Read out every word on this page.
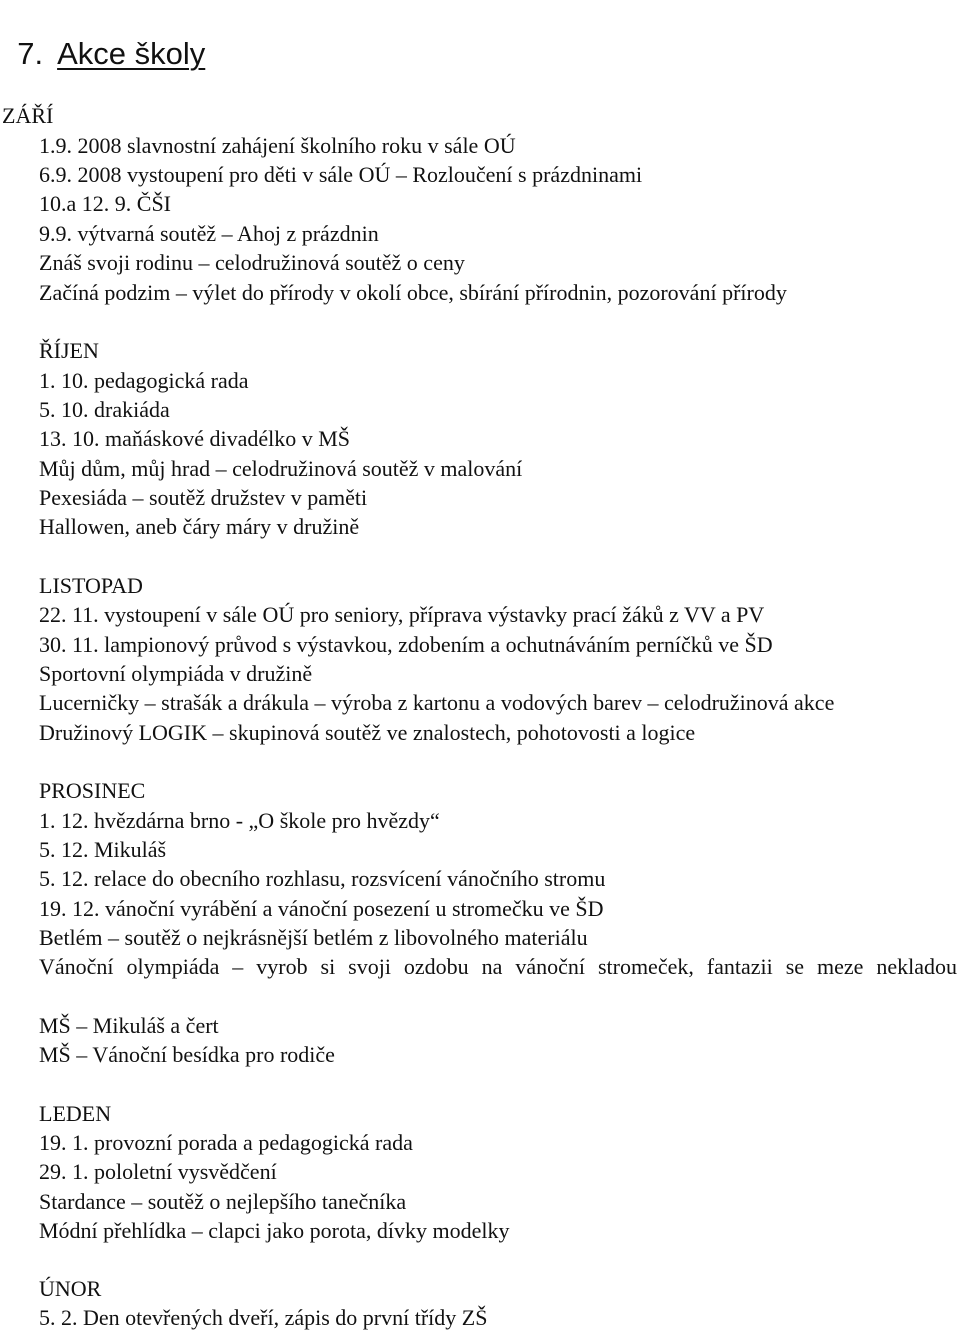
7. Akce školy

ZÁŘÍ
1.9. 2008 slavnostní zahájení školního roku v sále OÚ
6.9. 2008 vystoupení pro děti v sále OÚ – Rozloučení s prázdninami
10.a 12. 9. ČŠI
9.9. výtvarná soutěž – Ahoj z prázdnin
Znáš svoji rodinu – celodružinová soutěž o ceny
Začíná podzim – výlet do přírody v okolí obce, sbírání přírodnin, pozorování přírody
ŘÍJEN
1. 10. pedagogická rada
5. 10. drakiáda
13. 10. maňáskové divadélko v MŠ
Můj dům, můj hrad – celodružinová soutěž v malování
Pexesiáda – soutěž družstev v paměti
Hallowen, aneb čáry máry v družině
LISTOPAD
22. 11. vystoupení v sále OÚ pro seniory, příprava výstavky prací žáků z VV a PV
30. 11. lampionový průvod s výstavkou, zdobením a ochutnáváním perníčků ve ŠD
Sportovní olympiáda v družině
Lucerničky – strašák a drákula – výroba z kartonu a vodových barev – celodružinová akce
Družinový LOGIK – skupinová soutěž ve znalostech, pohotovosti a logice
PROSINEC
1. 12. hvězdárna brno - „O škole pro hvězdy“
5. 12. Mikuláš
5. 12. relace do obecního rozhlasu, rozsvícení vánočního stromu
19. 12. vánoční vyrábění a vánoční posezení u stromečku ve ŠD
Betlém – soutěž o nejkrásnější betlém z libovolného materiálu
Vánoční olympiáda – vyrob si svoji ozdobu na vánoční stromeček, fantazii se meze nekladou
MŠ – Mikuláš a čert
MŠ – Vánoční besídka pro rodiče
LEDEN
19. 1. provozní porada a pedagogická rada
29. 1. pololetní vysvědčení
Stardance – soutěž o nejlepšího tanečníka
Módní přehlídka – clapci jako porota, dívky modelky
ÚNOR
5. 2. Den otevřených dveří, zápis do první třídy ZŠ
